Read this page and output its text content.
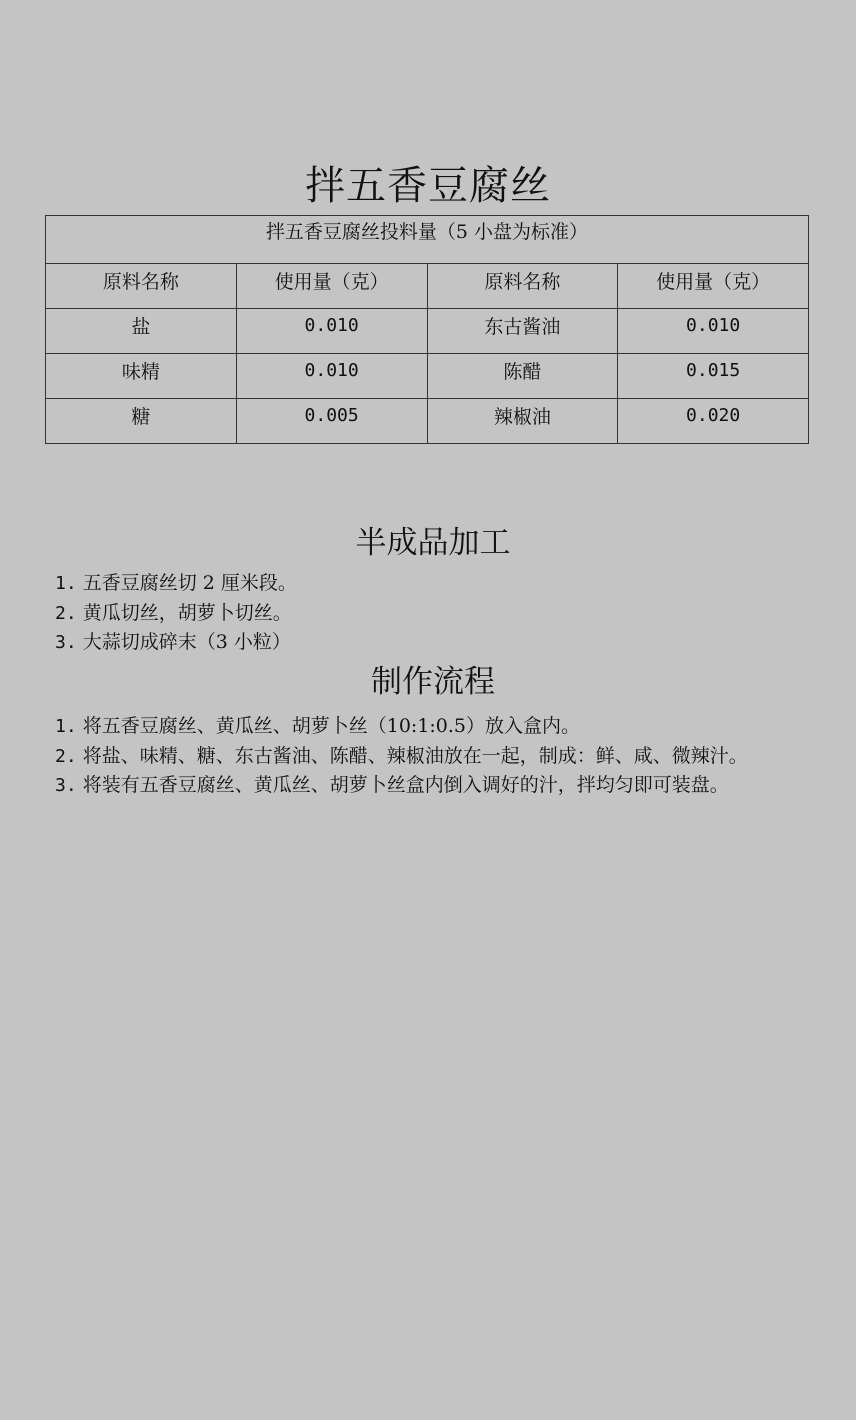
拌五香豆腐丝
拌五香豆腐丝投料量（5 小盘为标准）			
原料名称	使用量（克）	原料名称	使用量（克）
盐	0.010	东古酱油	0.010
味精	0.010	陈醋	0.015
糖	0.005	辣椒油	0.020
半成品加工
1. 五香豆腐丝切 2 厘米段。
2. 黄瓜切丝，胡萝卜切丝。
3. 大蒜切成碎末（3 小粒）
制作流程
1. 将五香豆腐丝、黄瓜丝、胡萝卜丝（10:1:0.5）放入盒内。
2. 将盐、味精、糖、东古酱油、陈醋、辣椒油放在一起，制成：鲜、咸、微辣汁。
3. 将装有五香豆腐丝、黄瓜丝、胡萝卜丝盒内倒入调好的汁，拌均匀即可装盘。
